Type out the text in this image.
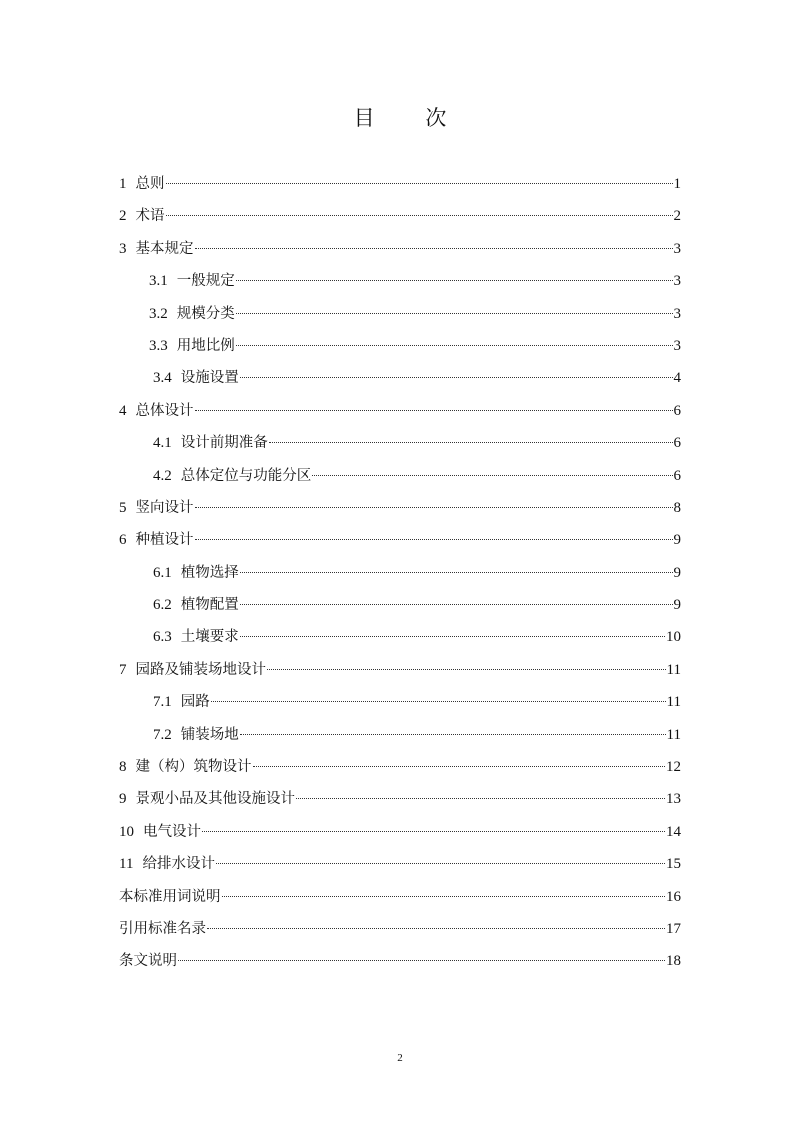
目 次
1 总则	1
2 术语	2
3 基本规定	3
3.1 一般规定	3
3.2 规模分类	3
3.3 用地比例	3
3.4 设施设置	4
4 总体设计	6
4.1 设计前期准备	6
4.2 总体定位与功能分区	6
5 竖向设计	8
6 种植设计	9
6.1 植物选择	9
6.2 植物配置	9
6.3 土壤要求	10
7 园路及铺装场地设计	11
7.1 园路	11
7.2 铺装场地	11
8 建（构）筑物设计	12
9 景观小品及其他设施设计	13
10 电气设计	14
11 给排水设计	15
本标准用词说明	16
引用标准名录	17
条文说明	18
2
